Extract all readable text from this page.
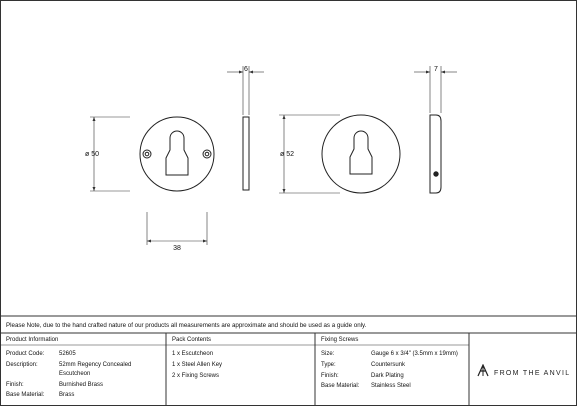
6
ø 50
38
7
ø 52
Please Note, due to the hand crafted nature of our products all measurements are approximate and should be used as a guide only.
Product Information
Product Code: 52605
Description:	52mm Regency Concealed
Escutcheon
Finish:	Burnished Brass
Base Material: Brass
Pack Contents
1 x Escutcheon
1 x Steel Allen Key
2 x Fixing Screws
Fixing Screws
Size:	Gauge 6 x 3/4" (3.5mm x 19mm)
Type:	Countersunk
Finish:	Dark Plating
Base Material: Stainless Steel
FROM THE ANVIL
